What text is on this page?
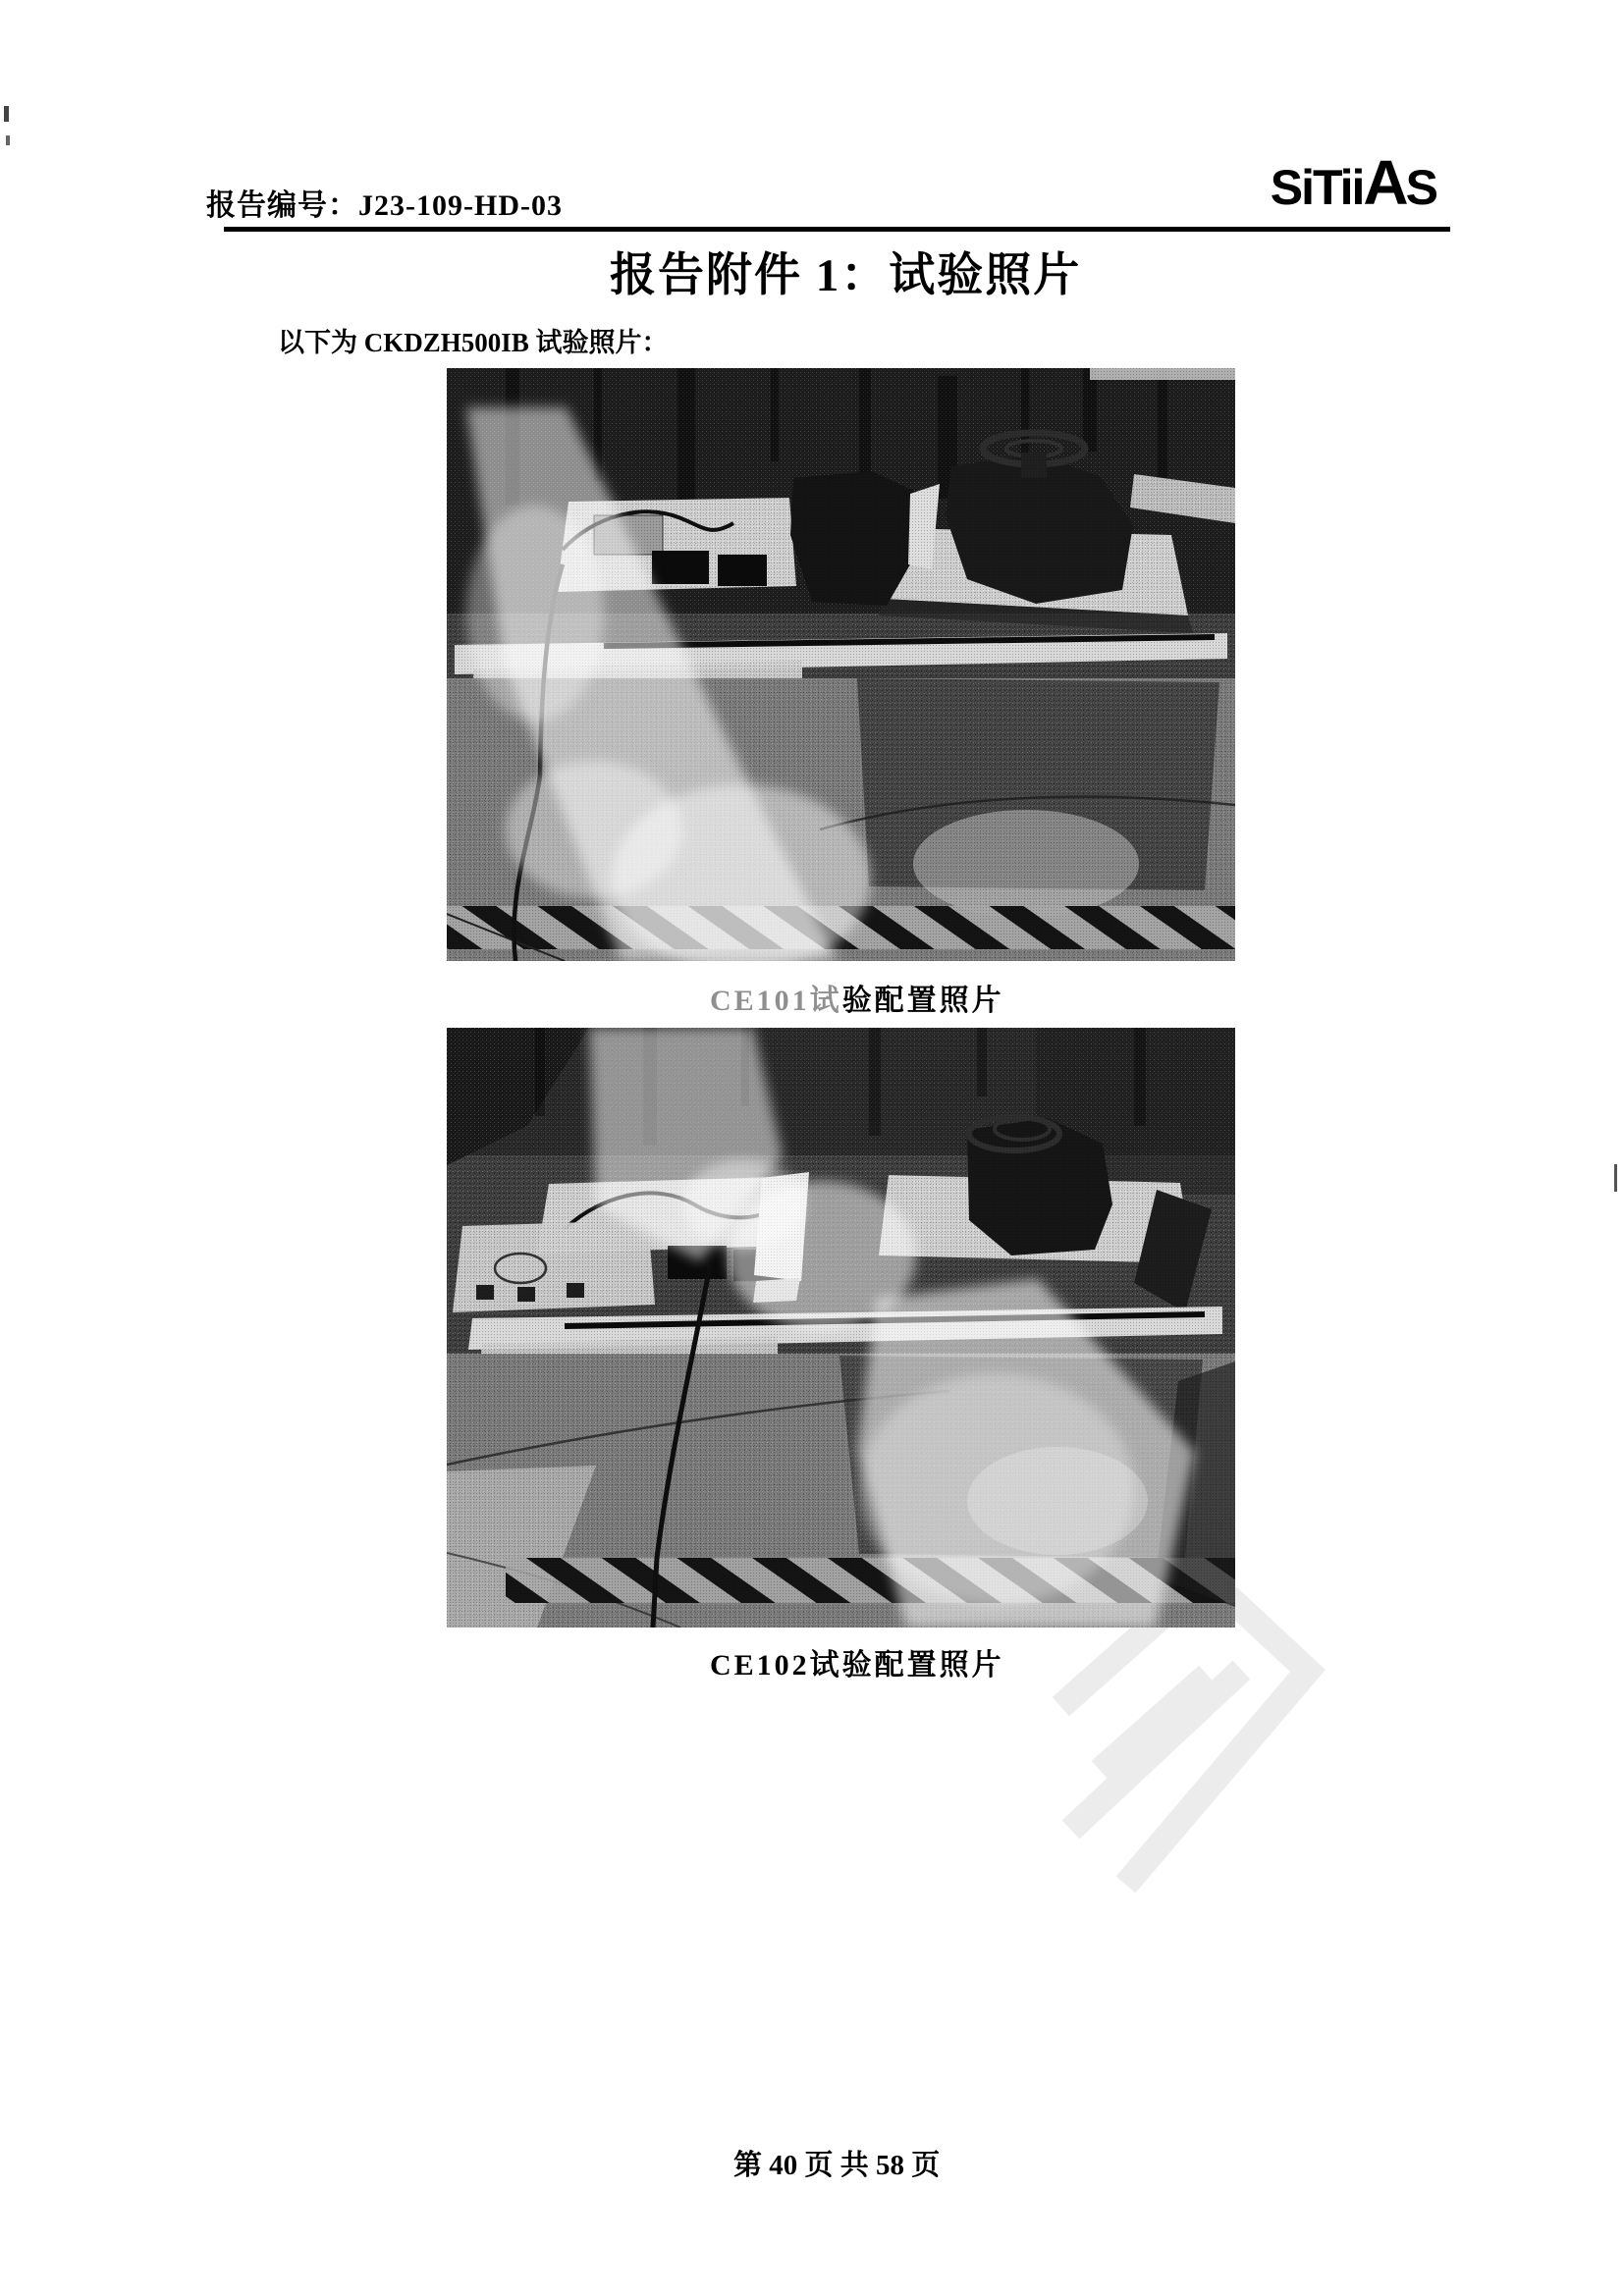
报告编号：J23-109-HD-03	SiTii A S
报告附件 1：试验照片
以下为 CKDZH500IB 试验照片：
CE101试验配置照片
CE102试验配置照片
第 40 页 共 58 页
